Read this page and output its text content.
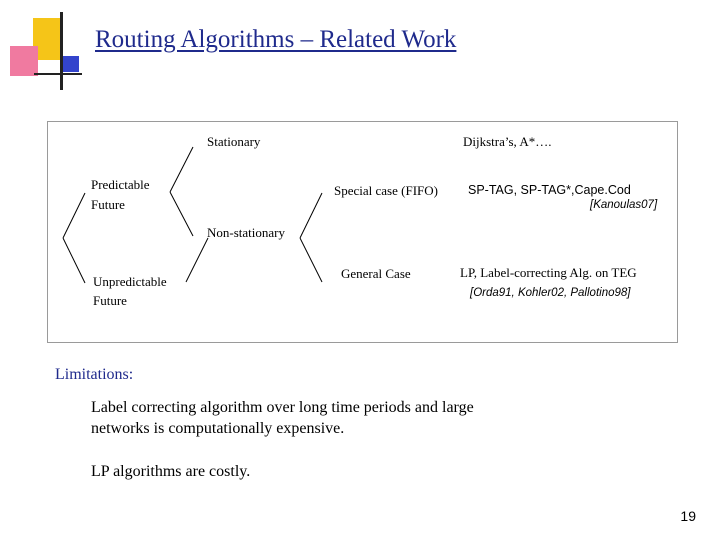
Routing Algorithms – Related Work
Stationary	Dijkstra’s, A*….
Predictable
Future
Special case (FIFO) SP-TAG, SP-TAG*,Cape.Cod
[Kanoulas07]
Non-stationary
General Case	LP, Label-correcting Alg. on TEG
[Orda91, Kohler02, Pallotino98]
Unpredictable
Future
Limitations:
Label correcting algorithm over long time periods and large
networks is computationally expensive.
LP algorithms are costly.
19
